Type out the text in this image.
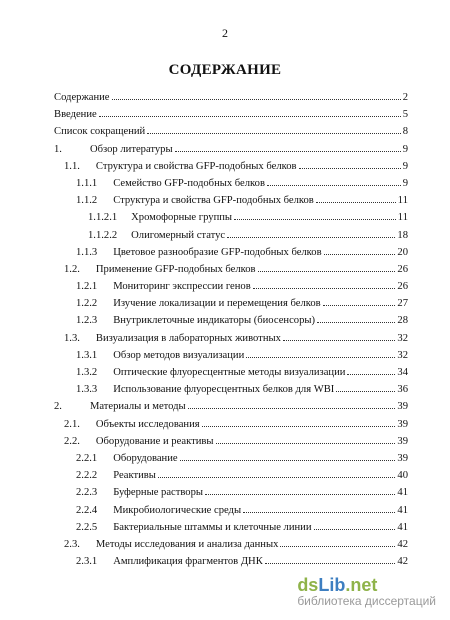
2
СОДЕРЖАНИЕ
Содержание	2
Введение	5
Список сокращений	8
1.	Обзор литературы	9
1.1. Структура и свойства GFP-подобных белков	9
1.1.1 Семейство GFP-подобных белков	9
1.1.2 Структура и свойства GFP-подобных белков	11
1.1.2.1 Хромофорные группы	11
1.1.2.2 Олигомерный статус	18
1.1.3 Цветовое разнообразие GFP-подобных белков	20
1.2. Применение GFP-подобных белков	26
1.2.1 Мониторинг экспрессии генов	26
1.2.2 Изучение локализации и перемещения белков	27
1.2.3 Внутриклеточные индикаторы (биосенсоры)	28
1.3. Визуализация в лабораторных животных	32
1.3.1 Обзор методов визуализации	32
1.3.2 Оптические флуоресцентные методы визуализации	34
1.3.3 Использование флуоресцентных белков для WBI	36
2.	Материалы и методы	39
2.1. Объекты исследования	39
2.2. Оборудование и реактивы	39
2.2.1 Оборудование	39
2.2.2 Реактивы	40
2.2.3 Буферные растворы	41
2.2.4 Микробиологические среды	41
2.2.5 Бактериальные штаммы и клеточные линии	41
2.3. Методы исследования и анализа данных	42
2.3.1 Амплификация фрагментов ДНК	42
dsLib.net
библиотека диссертаций
